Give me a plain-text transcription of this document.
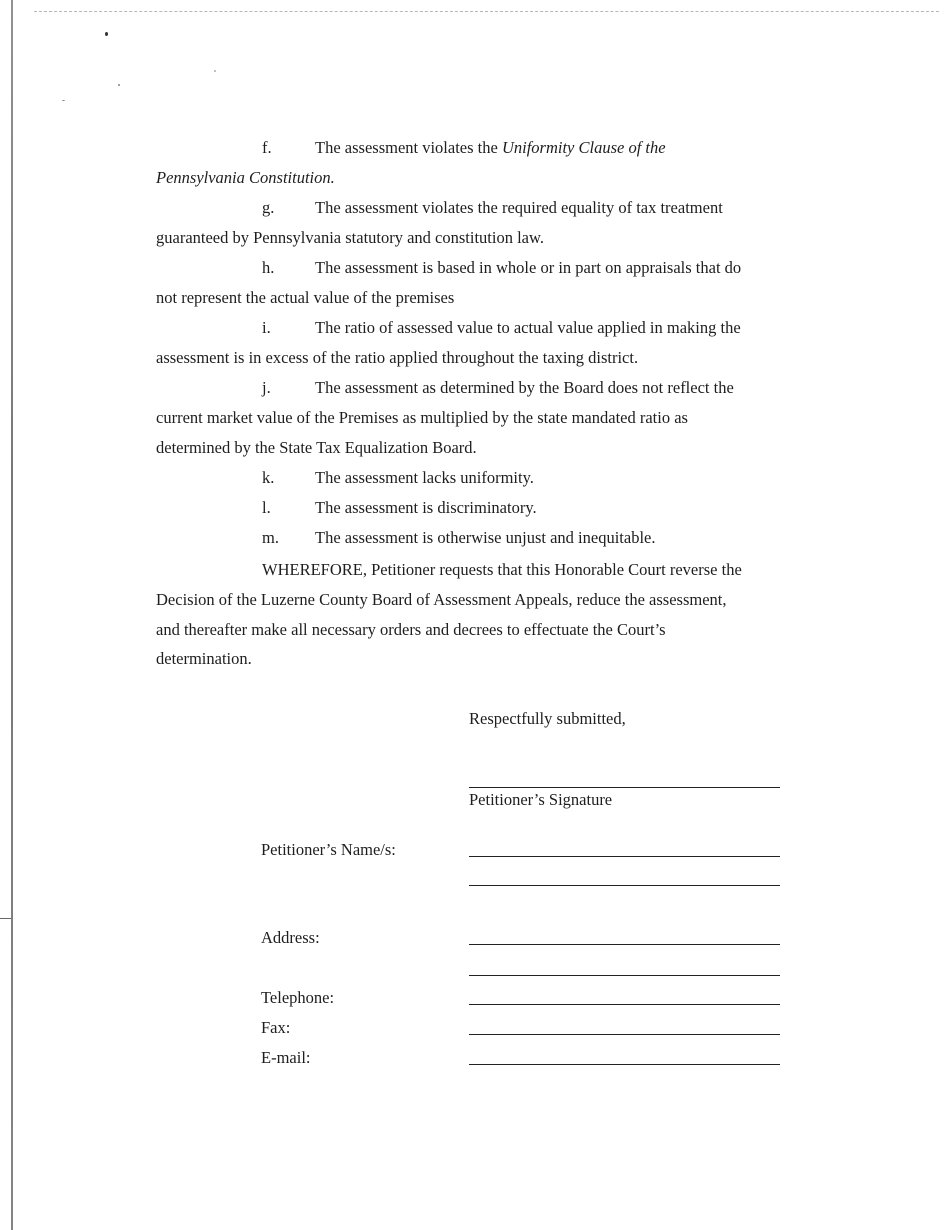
f.	The assessment violates the Uniformity Clause of the
Pennsylvania Constitution.
g. The assessment violates the required equality of tax treatment
guaranteed by Pennsylvania statutory and constitution law.
h. The assessment is based in whole or in part on appraisals that do
not represent the actual value of the premises
i.	The ratio of assessed value to actual value applied in making the
assessment is in excess of the ratio applied throughout the taxing district.
j.	The assessment as determined by the Board does not reflect the
current market value of the Premises as multiplied by the state mandated ratio as
determined by the State Tax Equalization Board.
k. The assessment lacks uniformity.
l.	The assessment is discriminatory.
m. The assessment is otherwise unjust and inequitable.
WHEREFORE, Petitioner requests that this Honorable Court reverse the
Decision of the Luzerne County Board of Assessment Appeals, reduce the assessment,
and thereafter make all necessary orders and decrees to effectuate the Court’s
determination.
Respectfully submitted,
Petitioner’s Signature
Petitioner’s Name/s:
Address:
Telephone:
Fax:
E-mail:
